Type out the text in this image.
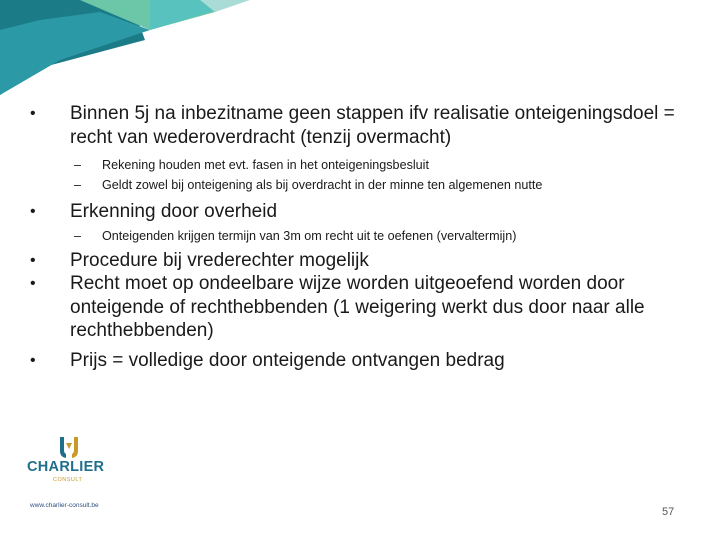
•	Binnen 5j na inbezitname geen stappen ifv realisatie onteigeningsdoel = recht van wederoverdracht (tenzij overmacht)
– Rekening houden met evt. fasen in het onteigeningsbesluit
– Geldt zowel bij onteigening als bij overdracht in der minne ten algemenen nutte
•	Erkenning door overheid
– Onteigenden krijgen termijn van 3m om recht uit te oefenen (vervaltermijn)
•	Procedure bij vrederechter mogelijk
•	Recht moet op ondeelbare wijze worden uitgeoefend worden door onteigende of rechthebbenden (1 weigering werkt dus door naar alle rechthebbenden)
•	Prijs = volledige door onteigende ontvangen bedrag
CHARLIER
CONSULT
www.charlier-consult.be
57
